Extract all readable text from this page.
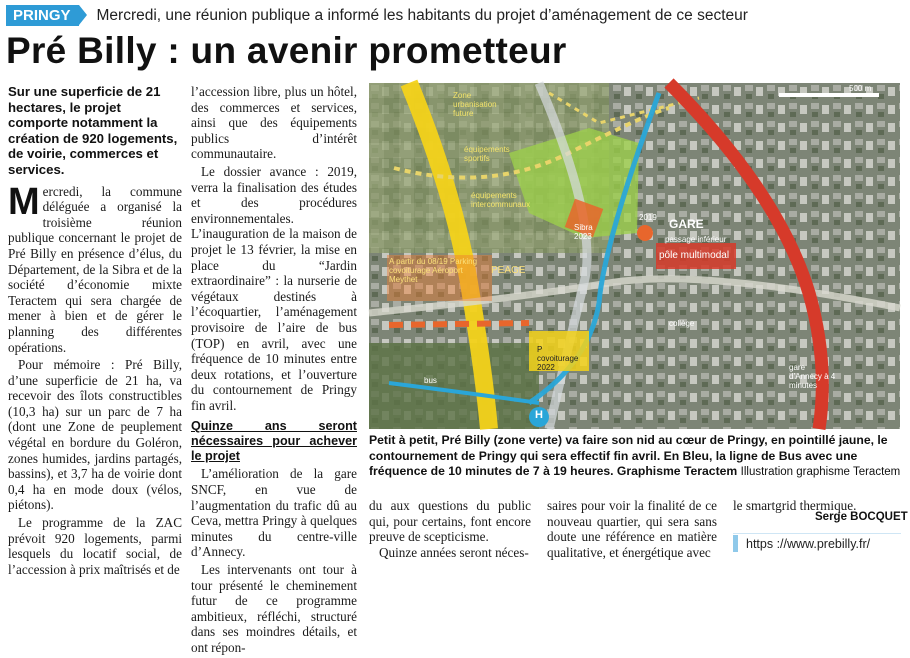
PRINGY	Mercredi, une réunion publique a informé les habitants du projet d’aménagement de ce secteur
Pré Billy : un avenir prometteur

Sur une superficie de 21 hectares, le projet comporte notamment la création de 920 logements, de voirie, commerces et services.

Mercredi, la commune déléguée a organisé la troisième réunion publique concernant le projet de Pré Billy en présence d’élus, du Département, de la Sibra et de la société d’économie mixte Teractem qui sera chargée de mener à bien et de gérer le planning des différentes opérations.

Pour mémoire : Pré Billy, d’une superficie de 21 ha, va recevoir des îlots constructibles (10,3 ha) sur un parc de 7 ha (dont une Zone de peuplement végétal en bordure du Goléron, zones humides, jardins partagés, bassins), et 3,7 ha de voirie dont 0,4 ha en mode doux (vélos, piétons).

Le programme de la ZAC prévoit 920 logements, parmi lesquels du locatif social, de l’accession à prix maîtrisés et de

l’accession libre, plus un hôtel, des commerces et services, ainsi que des équipements publics d’intérêt communautaire.

Le dossier avance : 2019, verra la finalisation des études et des procédures environnementales. L’inauguration de la maison de projet le 13 février, la mise en place du “Jardin extraordinaire” : la nurserie de végétaux destinés à l’écoquartier, l’aménagement provisoire de l’aire de bus (TOP) en avril, avec une fréquence de 10 minutes entre deux rotations, et l’ouverture du contournement de Pringy fin avril.

Quinze ans seront nécessaires pour achever le projet

L’amélioration de la gare SNCF, en vue de l’augmentation du trafic dû au Ceva, mettra Pringy à quelques minutes du centre-ville d’Annecy.

Les intervenants ont tour à tour présenté le cheminement futur de ce programme ambitieux, réfléchi, structuré dans ses moindres détails, et ont répon-

Zone urbanisation future
équipements sportifs
équipements intercommunaux
Sibra 2023
2019 GARE
passage inférieur
pôle multimodal
PEAGE
A partir du 08/19 Parking covoiturage Aéroport Meythet
P covoiturage 2022
bus
collège
gare d’Annecy à 4 minutes
500 m
H
Petit à petit, Pré Billy (zone verte) va faire son nid au cœur de Pringy, en pointillé jaune, le contournement de Pringy qui sera effectif fin avril. En Bleu, la ligne de Bus avec une fréquence de 10 minutes de 7 à 19 heures. Graphisme Teractem Illustration graphisme Teractem

du aux questions du public qui, pour certains, font encore preuve de scepticisme.

Quinze années seront néces-

saires pour voir la finalité de ce nouveau quartier, qui sera sans doute une référence en matière qualitative, et énergétique avec

le smartgrid thermique.

Serge BOCQUET
https ://www.prebilly.fr/
